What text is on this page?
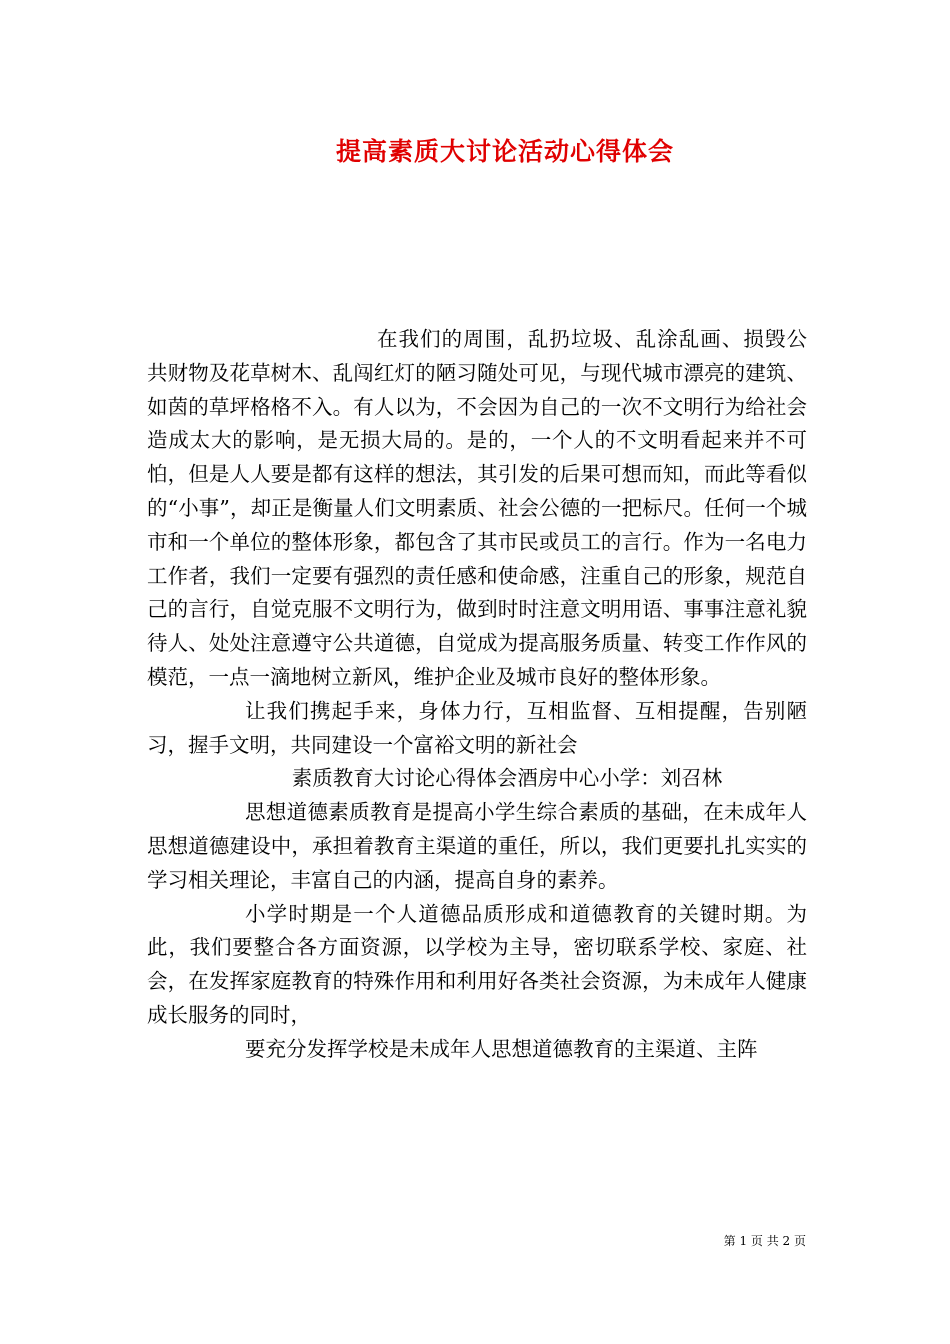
提高素质大讨论活动心得体会

在我们的周围，乱扔垃圾、乱涂乱画、损毁公共财物及花草树木、乱闯红灯的陋习随处可见，与现代城市漂亮的建筑、如茵的草坪格格不入。有人以为，不会因为自己的一次不文明行为给社会造成太大的影响，是无损大局的。是的，一个人的不文明看起来并不可怕，但是人人要是都有这样的想法，其引发的后果可想而知，而此等看似的“小事”，却正是衡量人们文明素质、社会公德的一把标尺。任何一个城市和一个单位的整体形象，都包含了其市民或员工的言行。作为一名电力工作者，我们一定要有强烈的责任感和使命感，注重自己的形象，规范自己的言行，自觉克服不文明行为，做到时时注意文明用语、事事注意礼貌待人、处处注意遵守公共道德，自觉成为提高服务质量、转变工作作风的模范，一点一滴地树立新风，维护企业及城市良好的整体形象。

让我们携起手来，身体力行，互相监督、互相提醒，告别陋习，握手文明，共同建设一个富裕文明的新社会

素质教育大讨论心得体会酒房中心小学：刘召林

思想道德素质教育是提高小学生综合素质的基础，在未成年人思想道德建设中，承担着教育主渠道的重任，所以，我们更要扎扎实实的学习相关理论，丰富自己的内涵，提高自身的素养。

小学时期是一个人道德品质形成和道德教育的关键时期。为此，我们要整合各方面资源，以学校为主导，密切联系学校、家庭、社会，在发挥家庭教育的特殊作用和利用好各类社会资源，为未成年人健康成长服务的同时，

要充分发挥学校是未成年人思想道德教育的主渠道、主阵

第 1 页 共 2 页
